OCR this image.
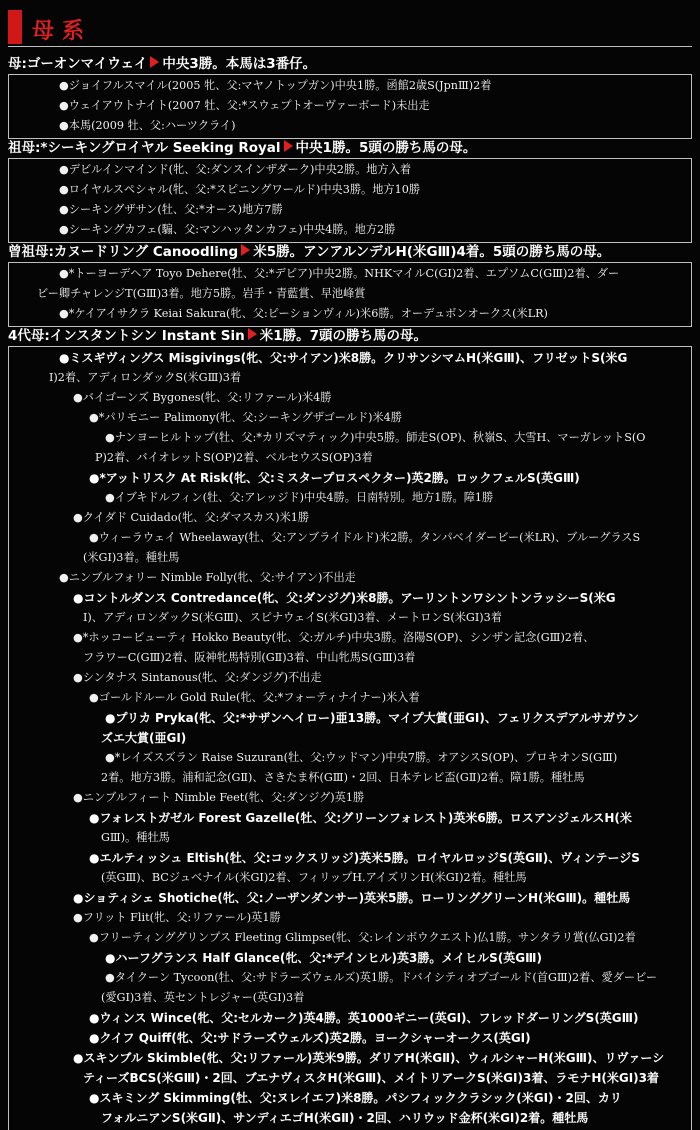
母系
母:ゴーオンマイウェイ 中央3勝。本馬は3番仔。
●ジョイフルスマイル(2005 牝、父:マヤノトップガン)中央1勝。函館2歳S(JpnⅢ)2着
●ウェイアウトナイト(2007 牡、父:*スウェプトオーヴァーボード)未出走
●本馬(2009 牡、父:ハーツクライ)
祖母:*シーキングロイヤル Seeking Royal 中央1勝。5頭の勝ち馬の母。
●デビルインマインド(牝、父:ダンスインザダーク)中央2勝。地方入着
●ロイヤルスペシャル(牝、父:*スピニングワールド)中央3勝。地方10勝
●シーキングザサン(牡、父:*オース)地方7勝
●シーキングカフェ(騸、父:マンハッタンカフェ)中央4勝。地方2勝
曾祖母:カヌードリング Canoodling 米5勝。アンアルンデルH(米GⅢ)4着。5頭の勝ち馬の母。
●*トーヨーデヘア Toyo Dehere(牡、父:*デピア)中央2勝。NHKマイルC(GⅠ)2着、エプソムC(GⅢ)2着、ダー
ビー卿チャレンジT(GⅢ)3着。地方5勝。岩手・青藍賞、早池峰賞
●*ケイアイサクラ Keiai Sakura(牝、父:ピーションヴィル)米6勝。オーデュボンオークス(米LR)
4代母:インスタントシン Instant Sin 米1勝。7頭の勝ち馬の母。
●ミスギヴィングス Misgivings(牝、父:サイアン)米8勝。クリサンシマムH(米GⅢ)、フリゼットS(米G
Ⅰ)2着、アディロンダックS(米GⅢ)3着
●バイゴーンズ Bygones(牝、父:リファール)米4勝
●*パリモニー Palimony(牝、父:シーキングザゴールド)米4勝
●ナンヨーヒルトップ(牡、父:*カリズマティック)中央5勝。師走S(OP)、秋嶺S、大雪H、マーガレットS(O
P)2着、バイオレットS(OP)2着、ベルセウスS(OP)3着
●*アットリスク At Risk(牝、父:ミスタープロスペクター)英2勝。ロックフェルS(英GⅢ)
●イブキドルフィン(牡、父:アレッジド)中央4勝。日南特別。地方1勝。障1勝
●クイダド Cuidado(牝、父:ダマスカス)米1勝
●ウィーラウェイ Wheelaway(牡、父:アンブライドルド)米2勝。タンパベイダービー(米LR)、ブルーグラスS
(米GⅠ)3着。種牡馬
●ニンブルフォリー Nimble Folly(牝、父:サイアン)不出走
●コントルダンス Contredance(牝、父:ダンジグ)米8勝。アーリントンワシントンラッシーS(米G
Ⅰ)、アディロンダックS(米GⅢ)、スピナウェイS(米GⅠ)3着、メートロンS(米GⅠ)3着
●*ホッコービューティ Hokko Beauty(牝、父:ガルチ)中央3勝。洛陽S(OP)、シンザン記念(GⅢ)2着、
フラワーC(GⅢ)2着、阪神牝馬特別(GⅡ)3着、中山牝馬S(GⅢ)3着
●シンタナス Sintanous(牝、父:ダンジグ)不出走
●ゴールドルール Gold Rule(牝、父:*フォーティナイナー)米入着
●プリカ Pryka(牝、父:*サザンヘイロー)亜13勝。マイプ大賞(亜GⅠ)、フェリクスデアルサガウン
ズエ大賞(亜GⅠ)
●*レイズスズラン Raise Suzuran(牡、父:ウッドマン)中央7勝。オアシスS(OP)、プロキオンS(GⅢ)
2着。地方3勝。浦和記念(GⅡ)、さきたま杯(GⅢ)・2回、日本テレビ盃(GⅡ)2着。障1勝。種牡馬
●ニンブルフィート Nimble Feet(牝、父:ダンジグ)英1勝
●フォレストガゼル Forest Gazelle(牡、父:グリーンフォレスト)英米6勝。ロスアンジェルスH(米
GⅢ)。種牡馬
●エルティッシュ Eltish(牡、父:コックスリッジ)英米5勝。ロイヤルロッジS(英GⅡ)、ヴィンテージS
(英GⅢ)、BCジュベナイル(米GⅠ)2着、フィリップH.アイズリンH(米GⅠ)2着。種牡馬
●ショティシェ Shotiche(牝、父:ノーザンダンサー)英米5勝。ローリンググリーンH(米GⅢ)。種牡馬
●フリット Flit(牝、父:リファール)英1勝
●フリーティンググリンプス Fleeting Glimpse(牝、父:レインボウクエスト)仏1勝。サンタラリ賞(仏GⅠ)2着
●ハーフグランス Half Glance(牝、父:*デインヒル)英3勝。メイヒルS(英GⅢ)
●タイクーン Tycoon(牡、父:サドラーズウェルズ)英1勝。ドバイシティオブゴールド(首GⅢ)2着、愛ダービー
(愛GⅠ)3着、英セントレジャー(英GⅠ)3着
●ウィンス Wince(牝、父:セルカーク)英4勝。英1000ギニー(英GⅠ)、フレッドダーリングS(英GⅢ)
●クイフ Quiff(牝、父:サドラーズウェルズ)英2勝。ヨークシャーオークス(英GⅠ)
●スキンブル Skimble(牝、父:リファール)英米9勝。ダリアH(米GⅡ)、ウィルシャーH(米GⅢ)、リヴァーシ
ティーズBCS(米GⅢ)・2回、ブエナヴィスタH(米GⅢ)、メイトリアークS(米GⅠ)3着、ラモナH(米GⅠ)3着
●スキミング Skimming(牡、父:ヌレイエフ)米8勝。パシフィッククラシック(米GⅠ)・2回、カリ
フォルニアンS(米GⅡ)、サンディエゴH(米GⅡ)・2回、ハリウッド金杯(米GⅠ)2着。種牡馬
